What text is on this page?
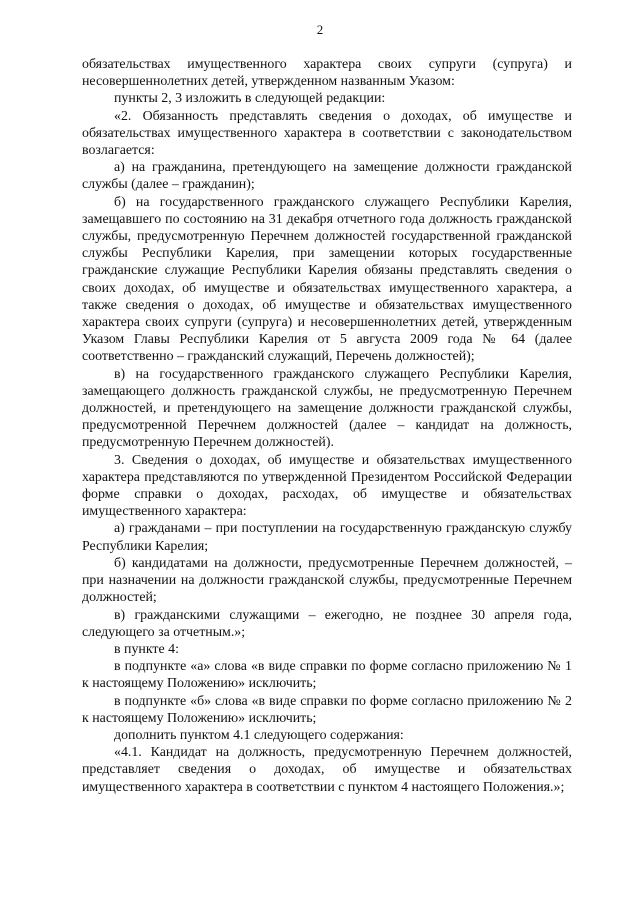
2

обязательствах имущественного характера своих супруги (супруга) и несовершеннолетних детей, утвержденном названным Указом:

пункты 2, 3 изложить в следующей редакции:

«2. Обязанность представлять сведения о доходах, об имуществе и обязательствах имущественного характера в соответствии с законодательством возлагается:

а) на гражданина, претендующего на замещение должности гражданской службы (далее – гражданин);

б) на государственного гражданского служащего Республики Карелия, замещавшего по состоянию на 31 декабря отчетного года должность гражданской службы, предусмотренную Перечнем должностей государственной гражданской службы Республики Карелия, при замещении которых государственные гражданские служащие Республики Карелия обязаны представлять сведения о своих доходах, об имуществе и обязательствах имущественного характера, а также сведения о доходах, об имуществе и обязательствах имущественного характера своих супруги (супруга) и несовершеннолетних детей, утвержденным Указом Главы Республики Карелия от 5 августа 2009 года № 64 (далее соответственно – гражданский служащий, Перечень должностей);

в) на государственного гражданского служащего Республики Карелия, замещающего должность гражданской службы, не предусмотренную Перечнем должностей, и претендующего на замещение должности гражданской службы, предусмотренной Перечнем должностей (далее – кандидат на должность, предусмотренную Перечнем должностей).

3. Сведения о доходах, об имуществе и обязательствах имущественного характера представляются по утвержденной Президентом Российской Федерации форме справки о доходах, расходах, об имуществе и обязательствах имущественного характера:

а) гражданами – при поступлении на государственную гражданскую службу Республики Карелия;

б) кандидатами на должности, предусмотренные Перечнем должностей, – при назначении на должности гражданской службы, предусмотренные Перечнем должностей;

в) гражданскими служащими – ежегодно, не позднее 30 апреля года, следующего за отчетным.»;

в пункте 4:

в подпункте «а» слова «в виде справки по форме согласно приложению № 1 к настоящему Положению» исключить;

в подпункте «б» слова «в виде справки по форме согласно приложению № 2 к настоящему Положению» исключить;

дополнить пунктом 4.1 следующего содержания:

«4.1. Кандидат на должность, предусмотренную Перечнем должностей, представляет сведения о доходах, об имуществе и обязательствах имущественного характера в соответствии с пунктом 4 настоящего Положения.»;
